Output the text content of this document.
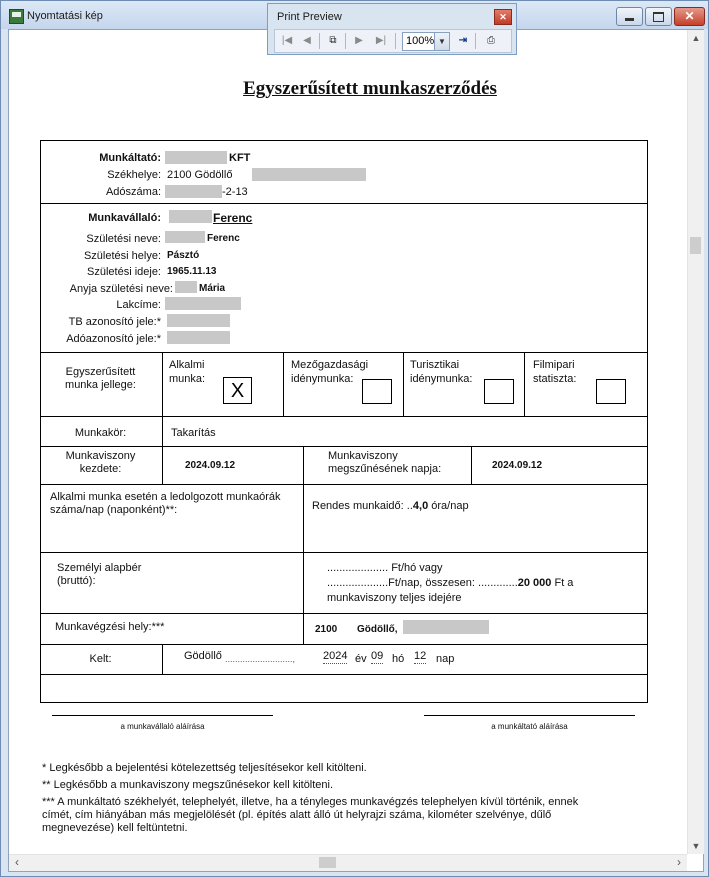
Nyomtatási kép	✕
▲
▼
‹	›
Egyszerűsített munkaszerződés
Munkáltató:	KFT
Székhelye: 2100 Gödöllő
Adószáma:	-2-13
Munkavállaló:	Ferenc
Születési neve:	Ferenc
Születési helye: Pásztó
Születési ideje: 1965.11.13
Anyja születési neve:	Mária
Lakcíme:
TB azonosító jele:*
Adóazonosító jele:*
Egyszerűsített
munka jellege:
Alkalmi
munka:
X
Mezőgazdasági
idénymunka:
Turisztikai
idénymunka:
Filmipari
statiszta:
Munkakör:	Takarítás
Munkaviszony
kezdete:	2024.09.12
Munkaviszony
megszűnésének napja:	2024.09.12
Alkalmi munka esetén a ledolgozott munkaórák
száma/nap (naponként)**:	Rendes munkaidő: ..4,0 óra/nap
Személyi alapbér
(bruttó):
.................... Ft/hó vagy
....................Ft/nap, összesen: .............20 000 Ft a
munkaviszony teljes idejére
Munkavégzési hely:***	2100 Gödöllő,
Kelt:	Gödöllő ...........................,	2024 év 09 hó 12 nap
a munkavállaló aláírása	a munkáltató aláírása
* Legkésőbb a bejelentési kötelezettség teljesítésekor kell kitölteni.
** Legkésőbb a munkaviszony megszűnésekor kell kitölteni.
*** A munkáltató székhelyét, telephelyét, illetve, ha a tényleges munkavégzés telephelyen kívül történik, ennek címét, cím hiányában más megjelölését (pl. építés alatt álló út helyrajzi száma, kilométer szelvénye, dűlő megnevezése) kell feltüntetni.
Print Preview	✕
|◀	◀	⧉	▶	▶| 100% ▼	⇥	⎙
